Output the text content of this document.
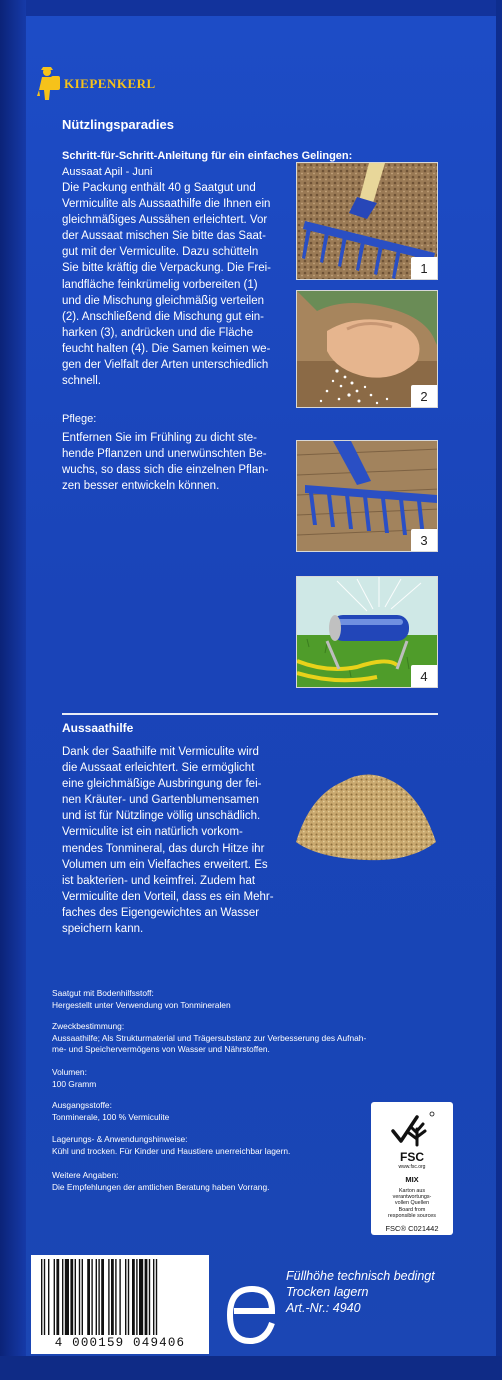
KIEPENKERL
Nützlingsparadies
Schritt-für-Schritt-Anleitung für ein einfaches Gelingen:
Aussaat Apil - Juni
Die Packung enthält 40 g Saatgut und
Vermiculite als Aussaathilfe die Ihnen ein
gleichmäßiges Aussähen erleichtert. Vor
der Aussaat mischen Sie bitte das Saat-
gut mit der Vermiculite. Dazu schütteln
Sie bitte kräftig die Verpackung. Die Frei-
landfläche feinkrümelig vorbereiten (1)
und die Mischung gleichmäßig verteilen
(2). Anschließend die Mischung gut ein-
harken (3), andrücken und die Fläche
feucht halten (4). Die Samen keimen we-
gen der Vielfalt der Arten unterschiedlich
schnell.
Pflege:
Entfernen Sie im Frühling zu dicht ste-
hende Pflanzen und unerwünschten Be-
wuchs, so dass sich die einzelnen Pflan-
zen besser entwickeln können.
1
2
3
4
Aussaathilfe
Dank der Saathilfe mit Vermiculite wird
die Aussaat erleichtert. Sie ermöglicht
eine gleichmäßige Ausbringung der fei-
nen Kräuter- und Gartenblumensamen
und ist für Nützlinge völlig unschädlich.
Vermiculite ist ein natürlich vorkom-
mendes Tonmineral, das durch Hitze ihr
Volumen um ein Vielfaches erweitert. Es
ist bakterien- und keimfrei. Zudem hat
Vermiculite den Vorteil, dass es ein Mehr-
faches des Eigengewichtes an Wasser
speichern kann.
Saatgut mit Bodenhilfsstoff:
Hergestellt unter Verwendung von Tonmineralen
Zweckbestimmung:
Aussaathilfe; Als Strukturmaterial und Trägersubstanz zur Verbesserung des Aufnah-
me- und Speichervermögens von Wasser und Nährstoffen.
Volumen:
100 Gramm
Ausgangsstoffe:
Tonminerale, 100 % Vermiculite
Lagerungs- & Anwendungshinweise:
Kühl und trocken. Für Kinder und Haustiere unerreichbar lagern.
Weitere Angaben:
Die Empfehlungen der amtlichen Beratung haben Vorrang.
FSC
www.fsc.org
MIX
Karton aus
verantwortungs-
vollen Quellen
Board from
responsible sources
FSC® C021442
4 000159 049406
Füllhöhe technisch bedingt
Trocken lagern
Art.-Nr.: 4940
